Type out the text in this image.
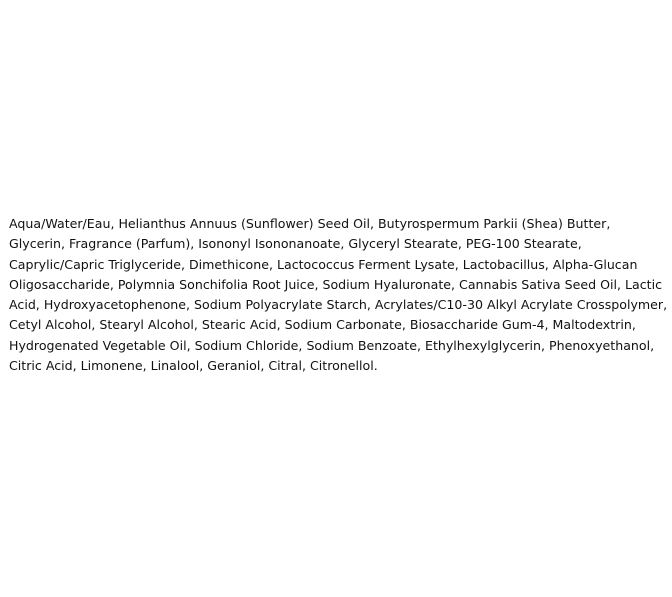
Aqua/Water/Eau, Helianthus Annuus (Sunflower) Seed Oil, Butyrospermum Parkii (Shea) Butter,
Glycerin, Fragrance (Parfum), Isononyl Isononanoate, Glyceryl Stearate, PEG-100 Stearate,
Caprylic/Capric Triglyceride, Dimethicone, Lactococcus Ferment Lysate, Lactobacillus, Alpha-Glucan
Oligosaccharide, Polymnia Sonchifolia Root Juice, Sodium Hyaluronate, Cannabis Sativa Seed Oil, Lactic
Acid, Hydroxyacetophenone, Sodium Polyacrylate Starch, Acrylates/C10-30 Alkyl Acrylate Crosspolymer,
Cetyl Alcohol, Stearyl Alcohol, Stearic Acid, Sodium Carbonate, Biosaccharide Gum-4, Maltodextrin,
Hydrogenated Vegetable Oil, Sodium Chloride, Sodium Benzoate, Ethylhexylglycerin, Phenoxyethanol,
Citric Acid, Limonene, Linalool, Geraniol, Citral, Citronellol.
